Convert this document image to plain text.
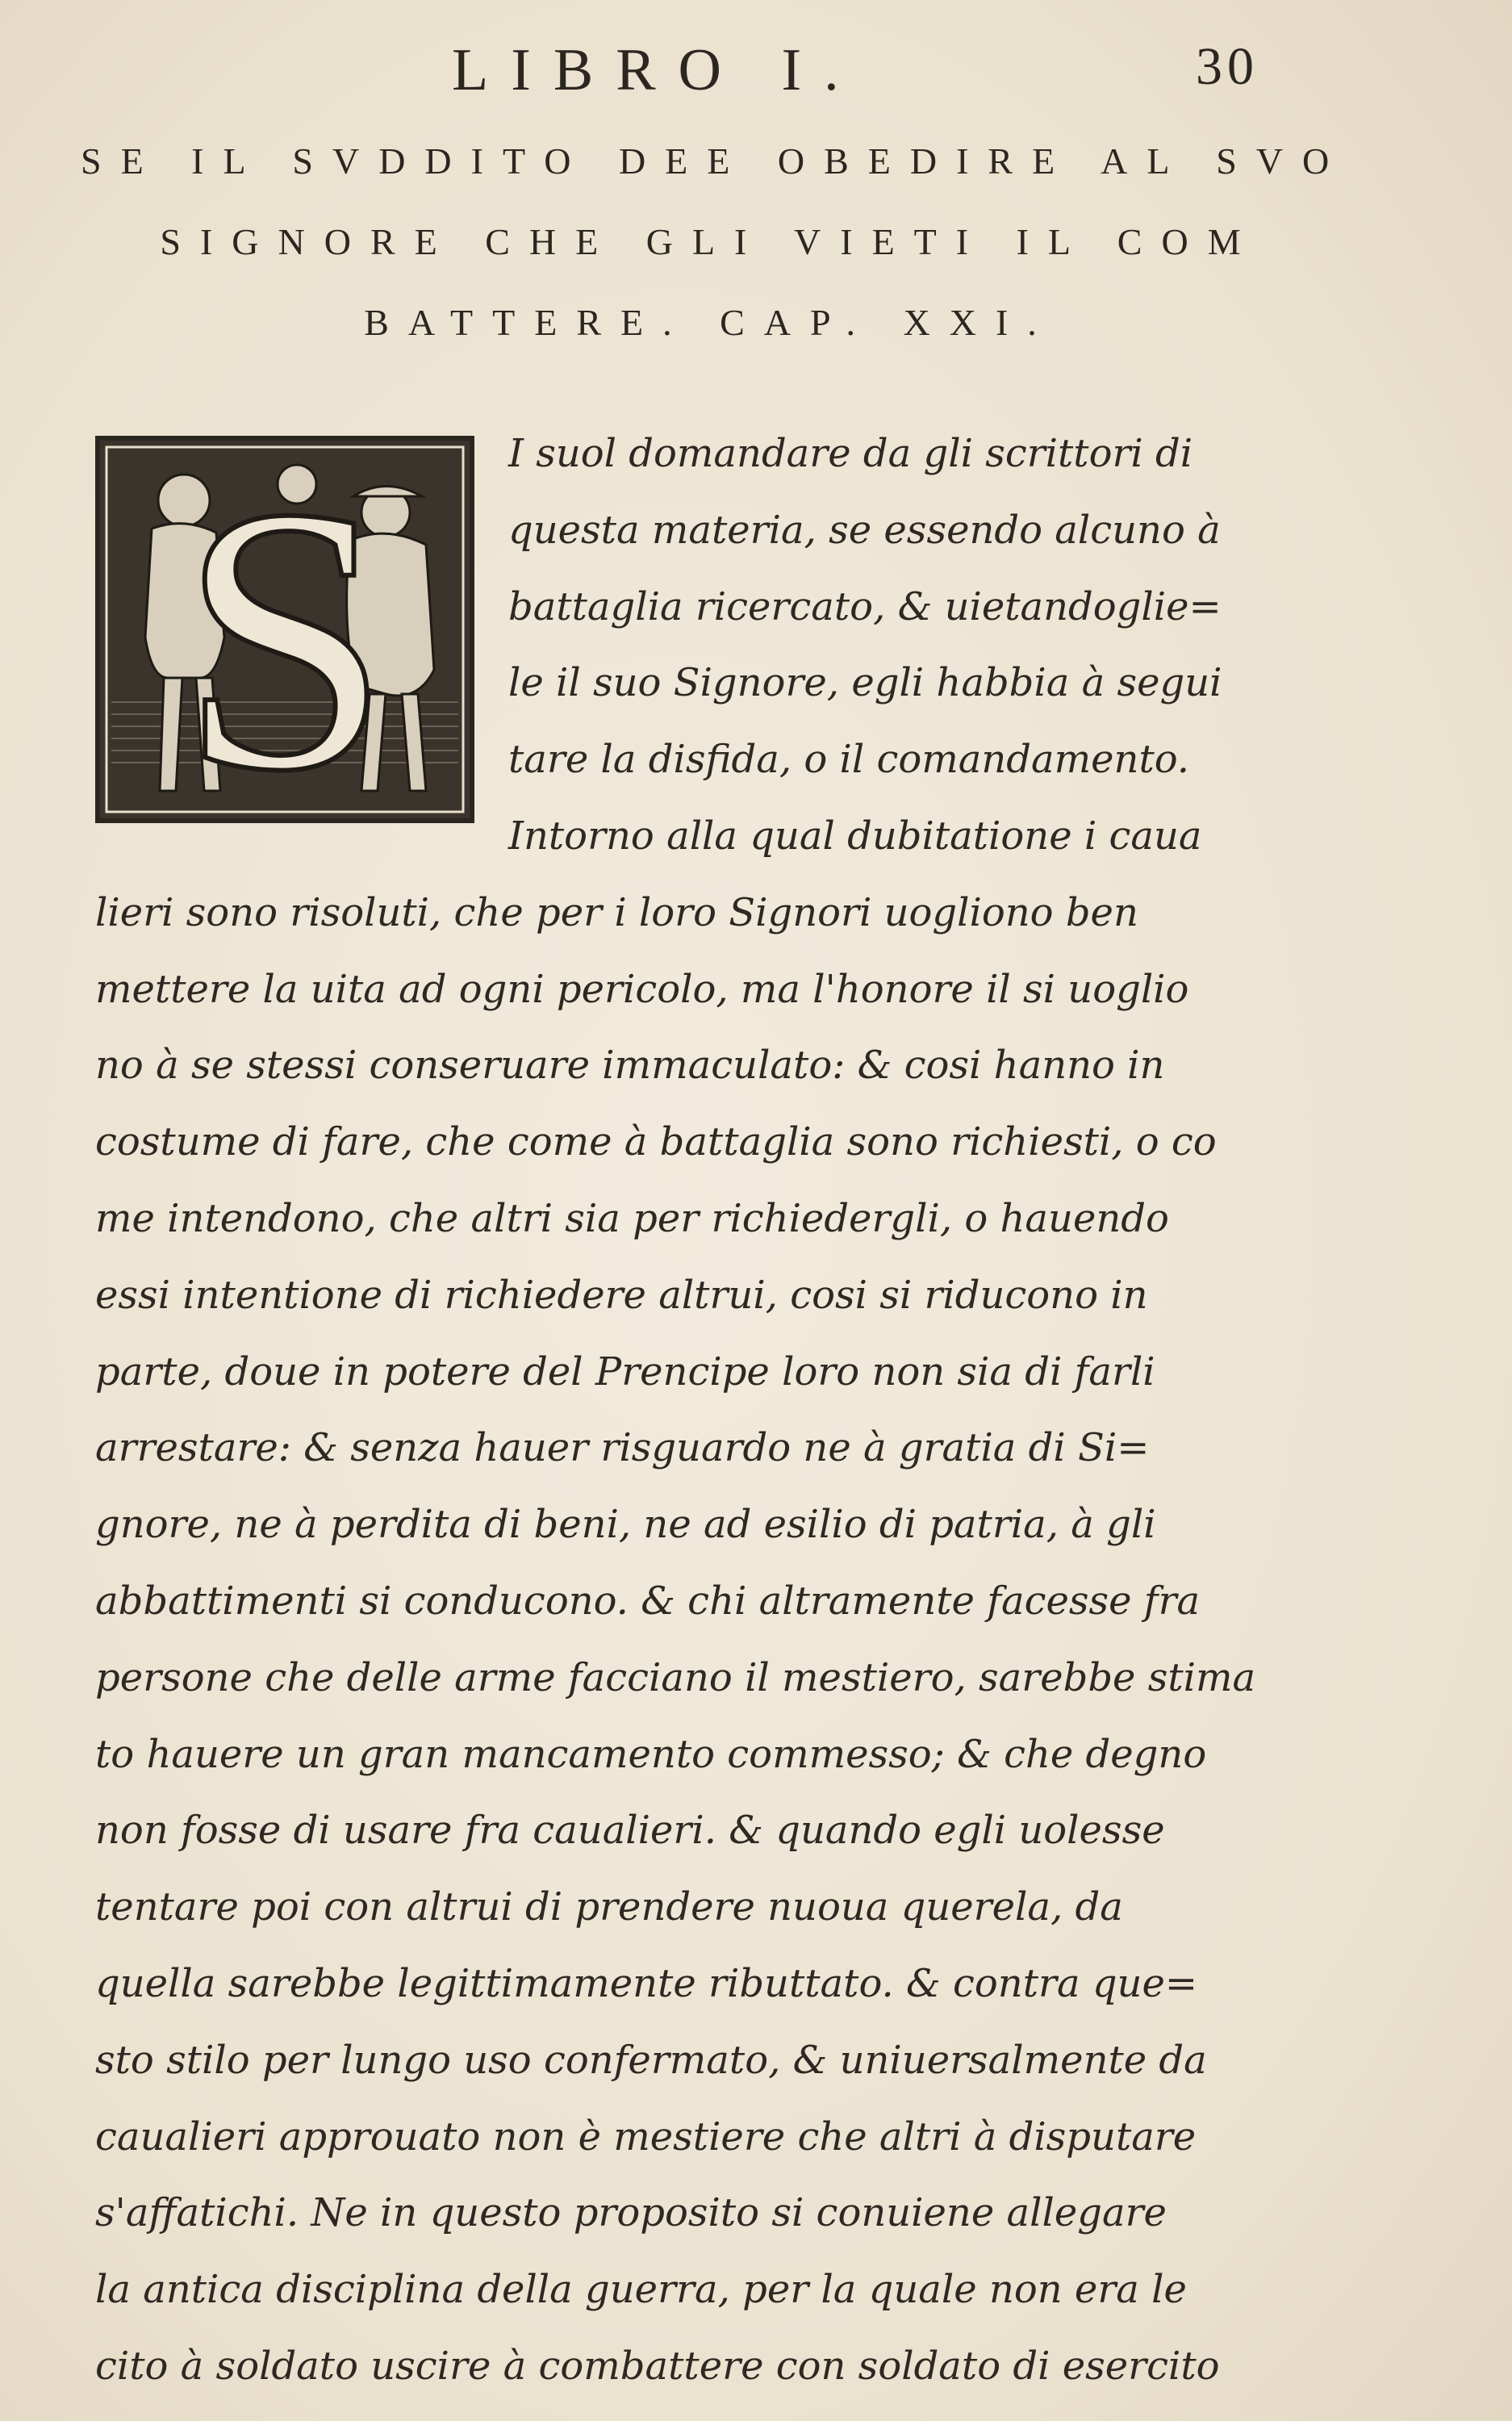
LIBRO I.	30
SE IL SVDDITO DEE OBEDIRE AL SVO
SIGNORE CHE GLI VIETI IL COM
BATTERE. CAP. XXI.
S	I suol domandare da gli scrittori di
questa materia, se essendo alcuno à
battaglia ricercato, & uietandoglie=
le il suo Signore, egli habbia à segui
tare la disfida, o il comandamento.
Intorno alla qual dubitatione i caua
lieri sono risoluti, che per i loro Signori uogliono ben
mettere la uita ad ogni pericolo, ma l'honore il si uoglio
no à se stessi conseruare immaculato: & cosi hanno in
costume di fare, che come à battaglia sono richiesti, o co
me intendono, che altri sia per richiedergli, o hauendo
essi intentione di richiedere altrui, cosi si riducono in
parte, doue in potere del Prencipe loro non sia di farli
arrestare: & senza hauer risguardo ne à gratia di Si=
gnore, ne à perdita di beni, ne ad esilio di patria, à gli
abbattimenti si conducono. & chi altramente facesse fra
persone che delle arme facciano il mestiero, sarebbe stima
to hauere un gran mancamento commesso; & che degno
non fosse di usare fra caualieri. & quando egli uolesse
tentare poi con altrui di prendere nuoua querela, da
quella sarebbe legittimamente ributtato. & contra que=
sto stilo per lungo uso confermato, & uniuersalmente da
caualieri approuato non è mestiere che altri à disputare
s'affatichi. Ne in questo proposito si conuiene allegare
la antica disciplina della guerra, per la quale non era le
cito à soldato uscire à combattere con soldato di esercito
